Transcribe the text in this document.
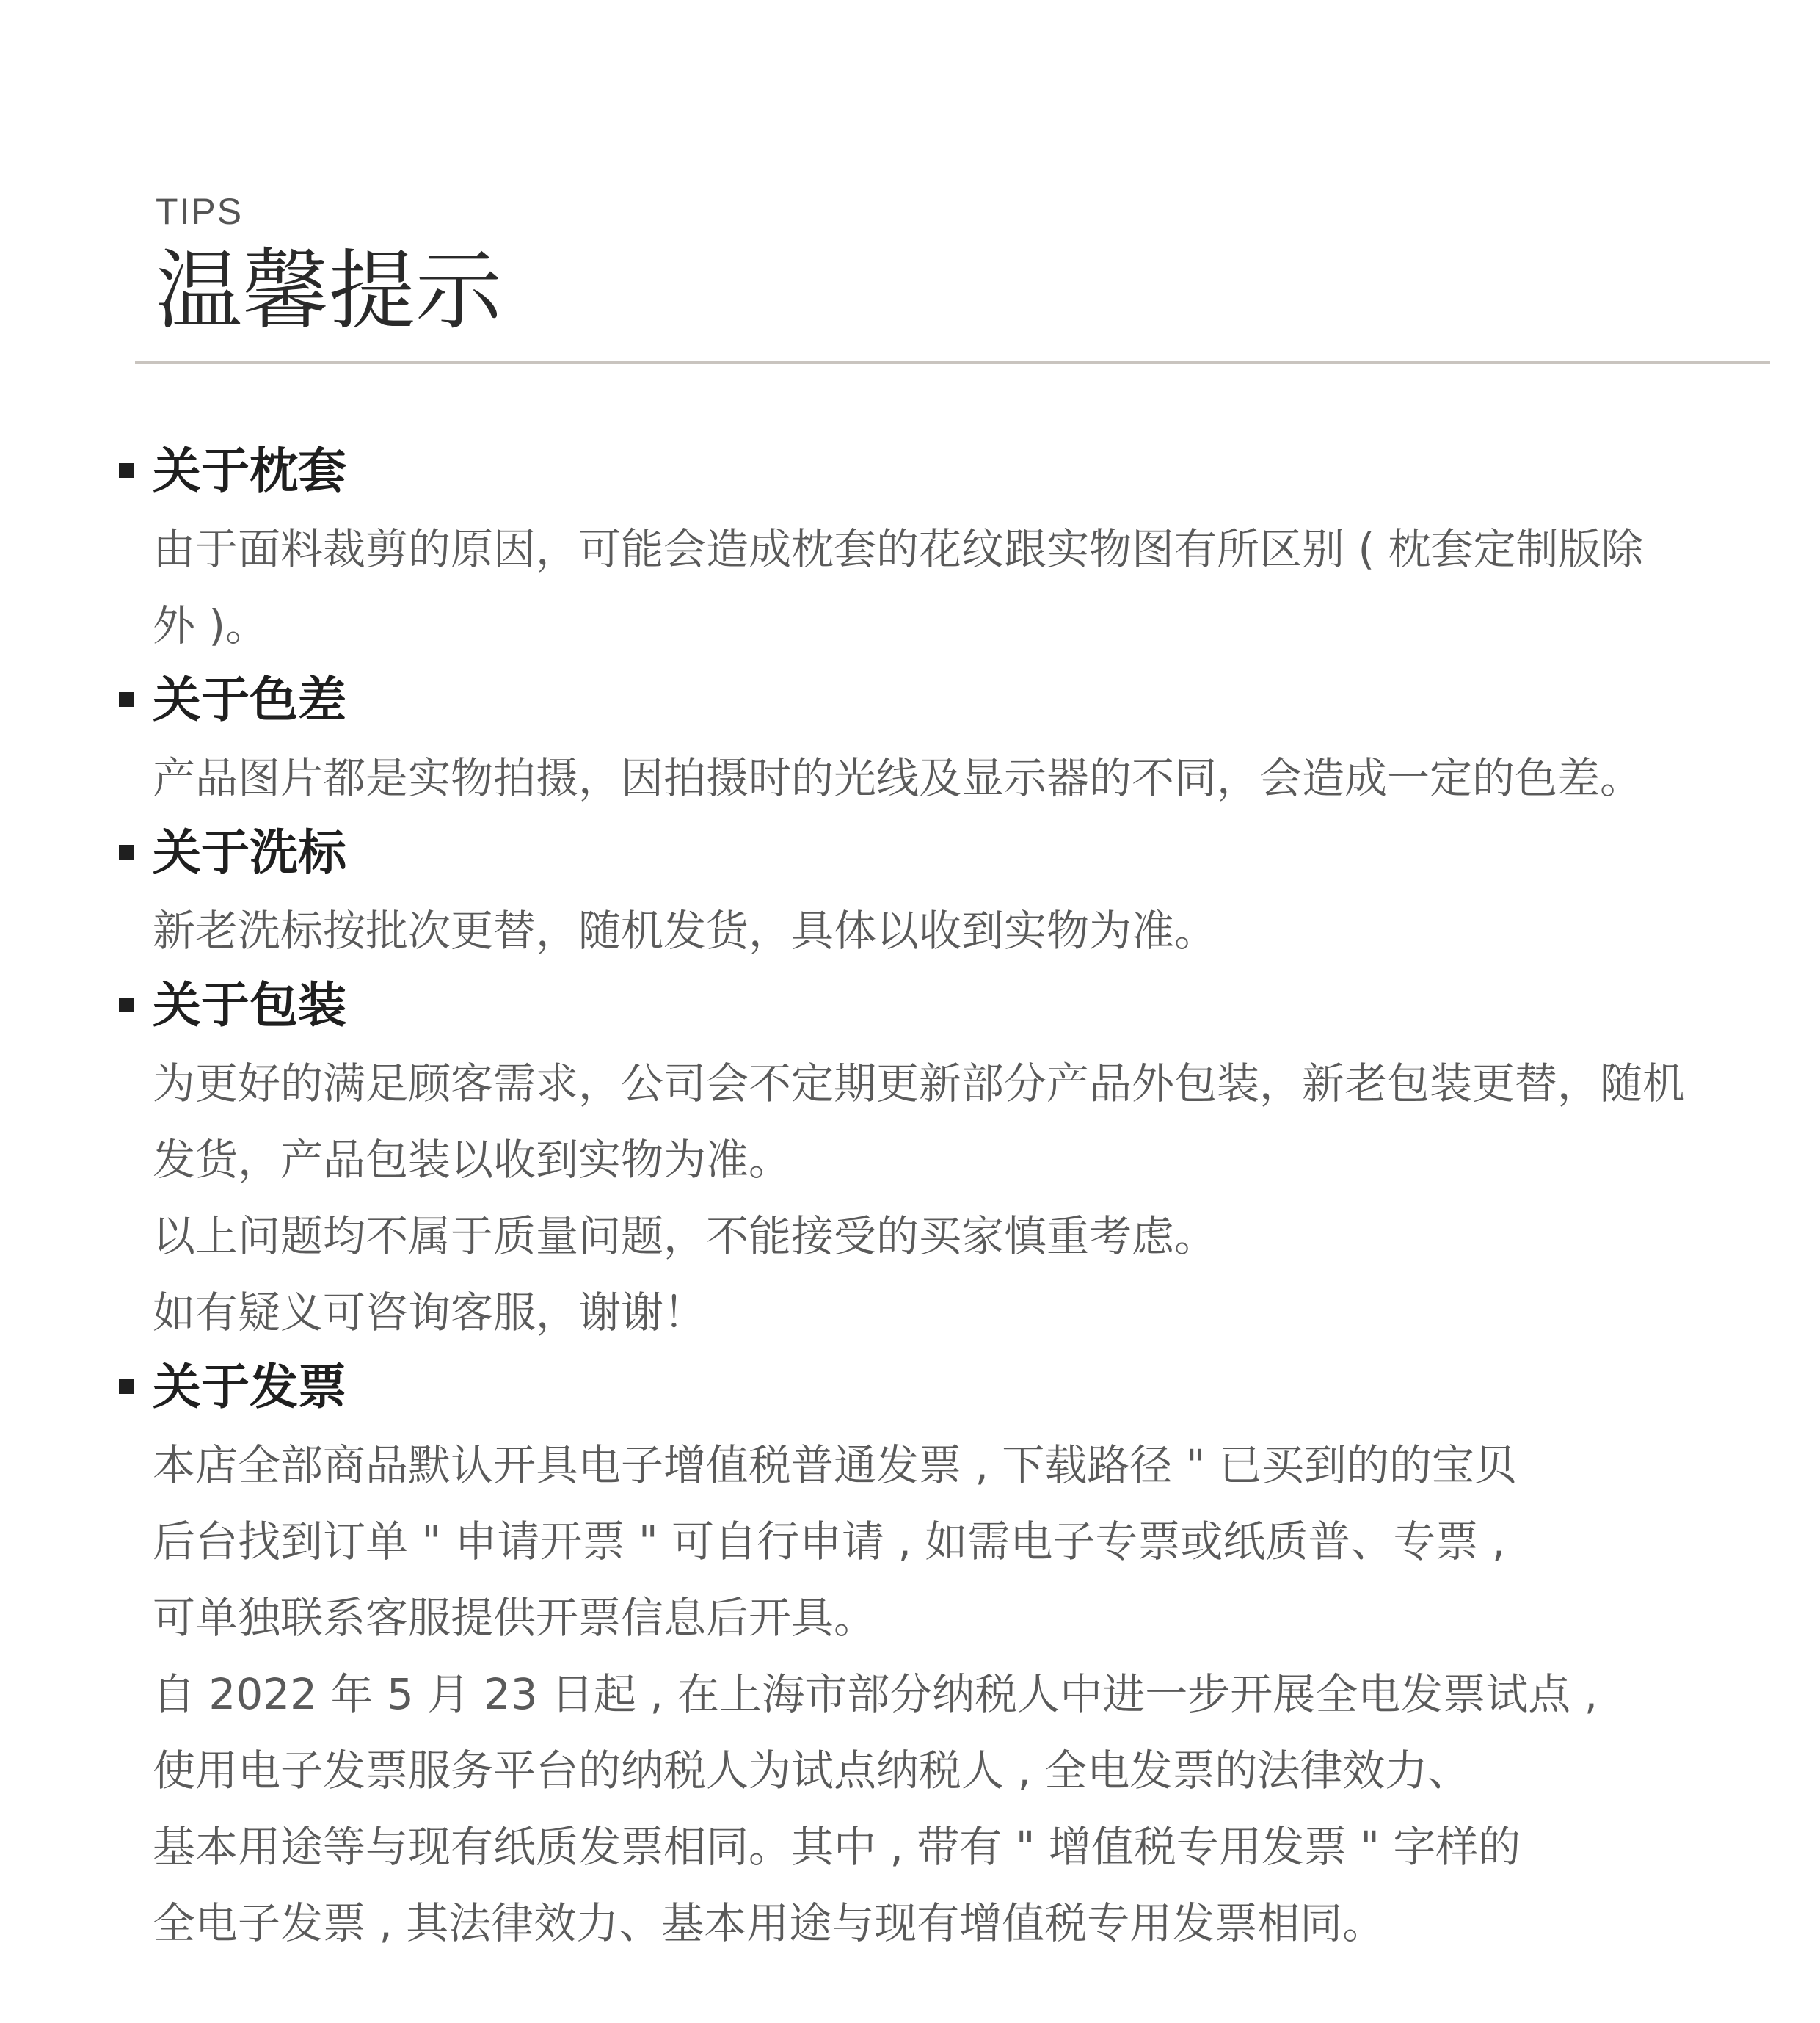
TIPS
温馨提示
关于枕套

由于面料裁剪的原因，可能会造成枕套的花纹跟实物图有所区别 ( 枕套定制版除

外 )。

关于色差

产品图片都是实物拍摄，因拍摄时的光线及显示器的不同，会造成一定的色差。

关于洗标

新老洗标按批次更替，随机发货，具体以收到实物为准。

关于包装

为更好的满足顾客需求，公司会不定期更新部分产品外包装，新老包装更替，随机

发货，产品包装以收到实物为准。

以上问题均不属于质量问题，不能接受的买家慎重考虑。

如有疑义可咨询客服，谢谢！

关于发票

本店全部商品默认开具电子增值税普通发票 , 下载路径 " 已买到的的宝贝

后台找到订单 " 申请开票 " 可自行申请 , 如需电子专票或纸质普、专票 ,

可单独联系客服提供开票信息后开具。

自 2022 年 5 月 23 日起 , 在上海市部分纳税人中进一步开展全电发票试点 ,

使用电子发票服务平台的纳税人为试点纳税人 , 全电发票的法律效力、

基本用途等与现有纸质发票相同。其中 , 带有 " 增值税专用发票 " 字样的

全电子发票 , 其法律效力、基本用途与现有增值税专用发票相同。
